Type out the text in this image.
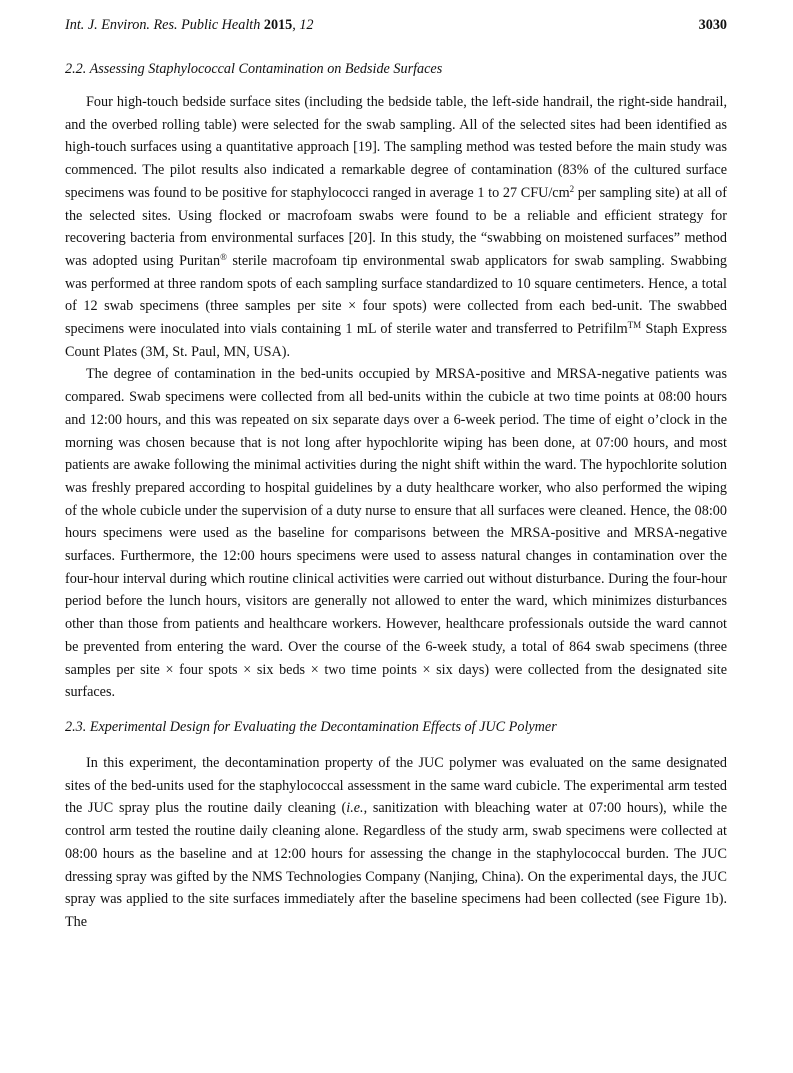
Int. J. Environ. Res. Public Health 2015, 12	3030
2.2. Assessing Staphylococcal Contamination on Bedside Surfaces

Four high-touch bedside surface sites (including the bedside table, the left-side handrail, the right-side handrail, and the overbed rolling table) were selected for the swab sampling. All of the selected sites had been identified as high-touch surfaces using a quantitative approach [19]. The sampling method was tested before the main study was commenced. The pilot results also indicated a remarkable degree of contamination (83% of the cultured surface specimens was found to be positive for staphylococci ranged in average 1 to 27 CFU/$cm^2$ per sampling site) at all of the selected sites. Using flocked or macrofoam swabs were found to be a reliable and efficient strategy for recovering bacteria from environmental surfaces [20]. In this study, the “swabbing on moistened surfaces” method was adopted using Puritan® sterile macrofoam tip environmental swab applicators for swab sampling. Swabbing was performed at three random spots of each sampling surface standardized to 10 square centimeters. Hence, a total of 12 swab specimens (three samples per site × four spots) were collected from each bed-unit. The swabbed specimens were inoculated into vials containing 1 mL of sterile water and transferred to Petrifilm™ Staph Express Count Plates (3M, St. Paul, MN, USA).

The degree of contamination in the bed-units occupied by MRSA-positive and MRSA-negative patients was compared. Swab specimens were collected from all bed-units within the cubicle at two time points at 08:00 hours and 12:00 hours, and this was repeated on six separate days over a 6-week period. The time of eight o’clock in the morning was chosen because that is not long after hypochlorite wiping has been done, at 07:00 hours, and most patients are awake following the minimal activities during the night shift within the ward. The hypochlorite solution was freshly prepared according to hospital guidelines by a duty healthcare worker, who also performed the wiping of the whole cubicle under the supervision of a duty nurse to ensure that all surfaces were cleaned. Hence, the 08:00 hours specimens were used as the baseline for comparisons between the MRSA-positive and MRSA-negative surfaces. Furthermore, the 12:00 hours specimens were used to assess natural changes in contamination over the four-hour interval during which routine clinical activities were carried out without disturbance. During the four-hour period before the lunch hours, visitors are generally not allowed to enter the ward, which minimizes disturbances other than those from patients and healthcare workers. However, healthcare professionals outside the ward cannot be prevented from entering the ward. Over the course of the 6-week study, a total of 864 swab specimens (three samples per site × four spots × six beds × two time points × six days) were collected from the designated site surfaces.

2.3. Experimental Design for Evaluating the Decontamination Effects of JUC Polymer

In this experiment, the decontamination property of the JUC polymer was evaluated on the same designated sites of the bed-units used for the staphylococcal assessment in the same ward cubicle. The experimental arm tested the JUC spray plus the routine daily cleaning (i.e., sanitization with bleaching water at 07:00 hours), while the control arm tested the routine daily cleaning alone. Regardless of the study arm, swab specimens were collected at 08:00 hours as the baseline and at 12:00 hours for assessing the change in the staphylococcal burden. The JUC dressing spray was gifted by the NMS Technologies Company (Nanjing, China). On the experimental days, the JUC spray was applied to the site surfaces immediately after the baseline specimens had been collected (see Figure 1b). The
